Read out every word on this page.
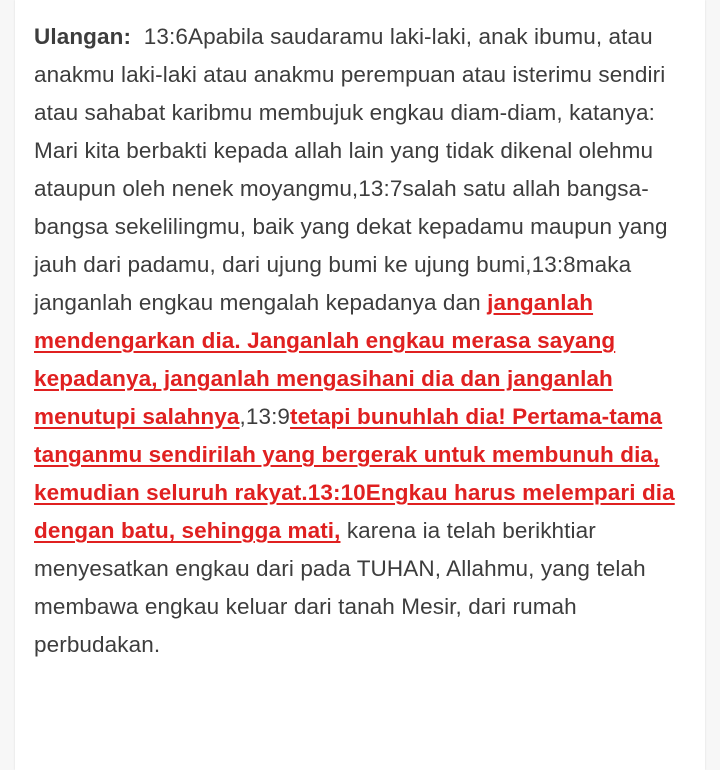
Ulangan: 13:6Apabila saudaramu laki-laki, anak ibumu, atau anakmu laki-laki atau anakmu perempuan atau isterimu sendiri atau sahabat karibmu membujuk engkau diam-diam, katanya: Mari kita berbakti kepada allah lain yang tidak dikenal olehmu ataupun oleh nenek moyangmu,13:7salah satu allah bangsa-bangsa sekelilingmu, baik yang dekat kepadamu maupun yang jauh dari padamu, dari ujung bumi ke ujung bumi,13:8maka janganlah engkau mengalah kepadanya dan janganlah mendengarkan dia. Janganlah engkau merasa sayang kepadanya, janganlah mengasihani dia dan janganlah menutupi salahnya,13:9tetapi bunuhlah dia! Pertama-tama tanganmu sendirilah yang bergerak untuk membunuh dia, kemudian seluruh rakyat.13:10Engkau harus melempari dia dengan batu, sehingga mati, karena ia telah berikhtiar menyesatkan engkau dari pada TUHAN, Allahmu, yang telah membawa engkau keluar dari tanah Mesir, dari rumah perbudakan.
